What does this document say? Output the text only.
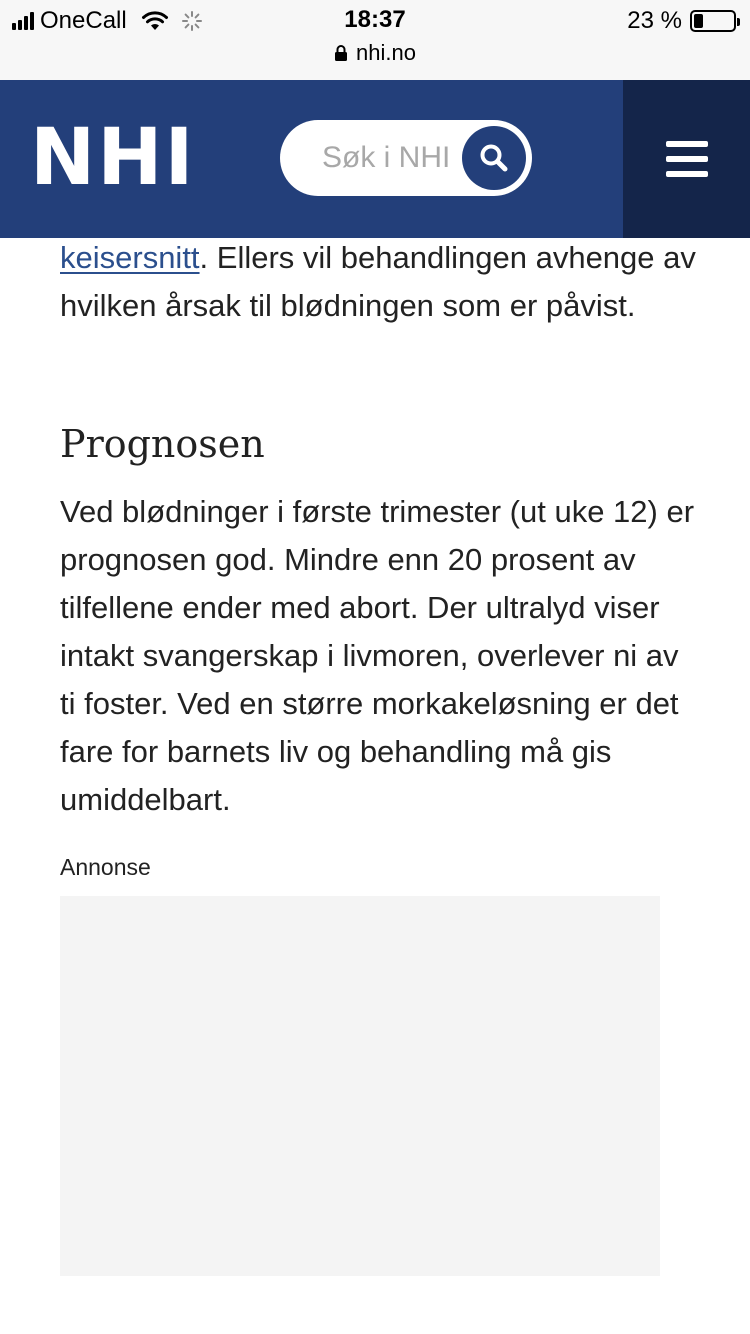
OneCall	18:37	23 %
nhi.no
NHI
Søk i NHI

keisersnitt. Ellers vil behandlingen avhenge av hvilken årsak til blødningen som er påvist.

Prognosen

Ved blødninger i første trimester (ut uke 12) er prognosen god. Mindre enn 20 prosent av tilfellene ender med abort. Der ultralyd viser intakt svangerskap i livmoren, overlever ni av ti foster. Ved en større morkakeløsning er det fare for barnets liv og behandling må gis umiddelbart.

Annonse
